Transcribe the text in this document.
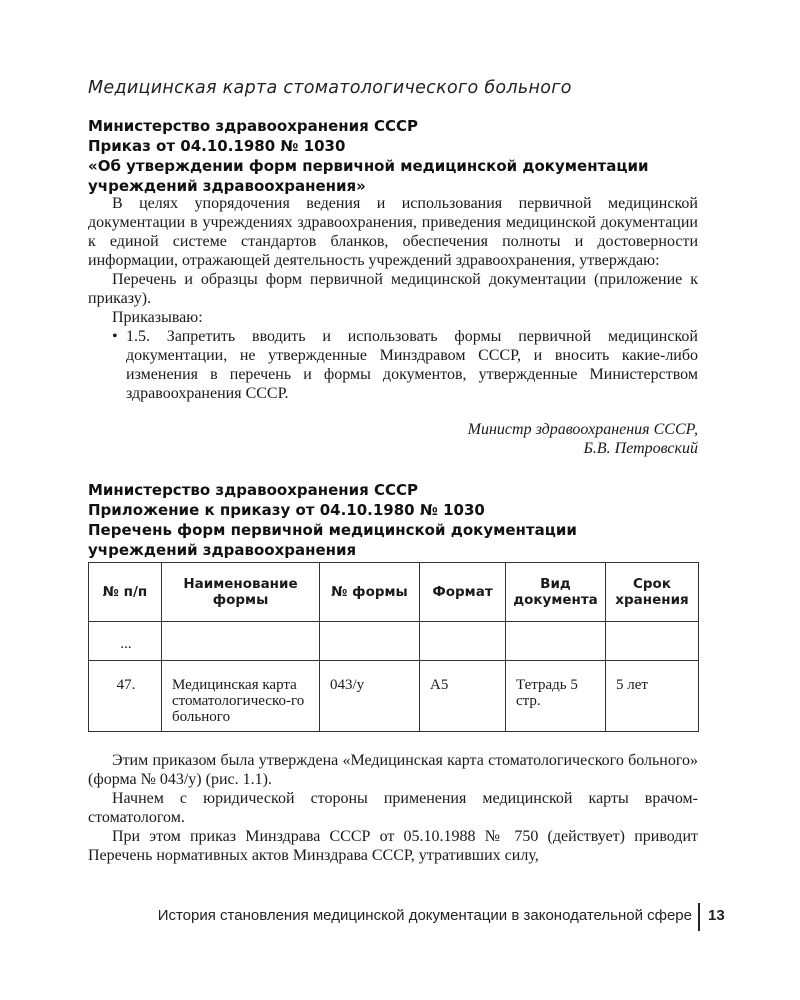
Медицинская карта стоматологического больного
Министерство здравоохранения СССР
Приказ от 04.10.1980 № 1030
«Об утверждении форм первичной медицинской документации
учреждений здравоохранения»

В целях упорядочения ведения и использования первичной медицинской документации в учреждениях здравоохранения, приведения медицинской документации к единой системе стандартов бланков, обеспечения полноты и достоверности информации, отражающей деятельность учреждений здравоохранения, утверждаю:

Перечень и образцы форм первичной медицинской документации (приложение к приказу).

Приказываю:

• 1.5. Запретить вводить и использовать формы первичной медицинской документации, не утвержденные Минздравом СССР, и вносить какие-либо изменения в перечень и формы документов, утвержденные Министерством здравоохранения СССР.
Министр здравоохранения СССР,
Б.В. Петровский
Министерство здравоохранения СССР
Приложение к приказу от 04.10.1980 № 1030
Перечень форм первичной медицинской документации
учреждений здравоохранения
№ п/п	Наименование формы	№ формы	Формат	Вид документа	Срок хранения
...					
47.	Медицинская карта стоматологическо-го больного	043/у	А5	Тетрадь 5 стр.	5 лет

Этим приказом была утверждена «Медицинская карта стоматологического больного» (форма № 043/у) (рис. 1.1).

Начнем с юридической стороны применения медицинской карты врачом-стоматологом.

При этом приказ Минздрава СССР от 05.10.1988 № 750 (действует) приводит Перечень нормативных актов Минздрава СССР, утративших силу,

История становления медицинской документации в законодательной сфере 13
